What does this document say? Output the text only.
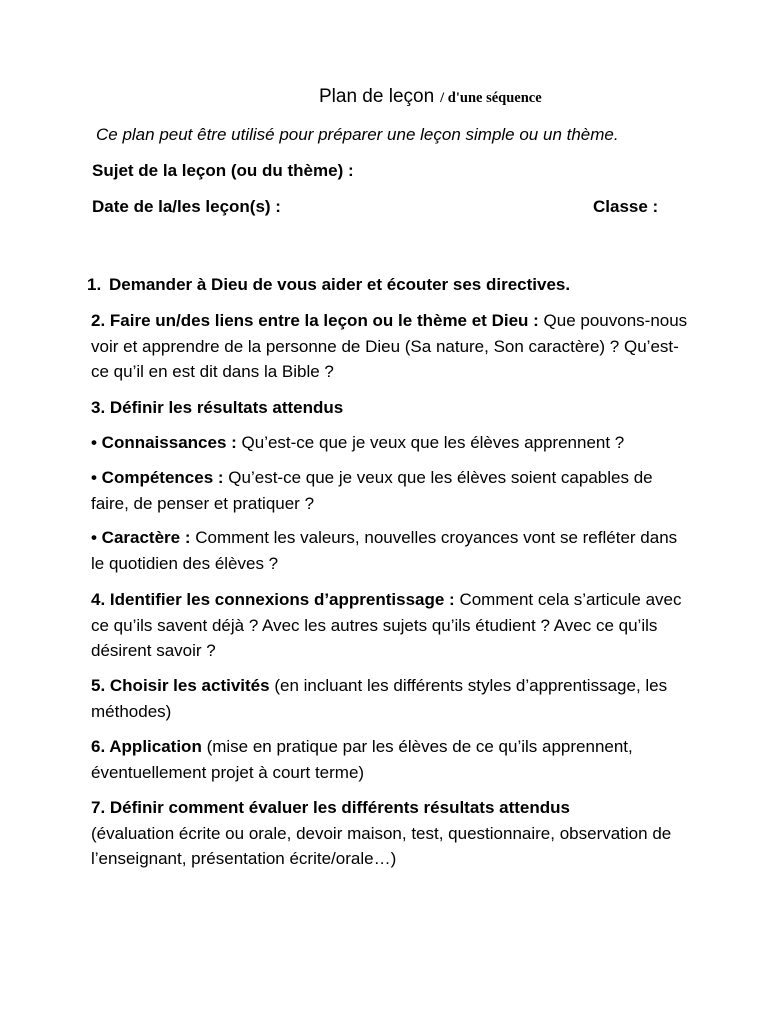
Plan de leçon / d'une séquence
Ce plan peut être utilisé pour préparer une leçon simple ou un thème.
Sujet de la leçon (ou du thème) :
Date de la/les leçon(s) :	Classe :
1. Demander à Dieu de vous aider et écouter ses directives.
2. Faire un/des liens entre la leçon ou le thème et Dieu : Que pouvons-nous voir et apprendre de la personne de Dieu (Sa nature, Son caractère) ? Qu’est-ce qu’il en est dit dans la Bible ?
3. Définir les résultats attendus
• Connaissances : Qu’est-ce que je veux que les élèves apprennent ?
• Compétences : Qu’est-ce que je veux que les élèves soient capables de faire, de penser et pratiquer ?
• Caractère : Comment les valeurs, nouvelles croyances vont se refléter dans le quotidien des élèves ?
4. Identifier les connexions d’apprentissage : Comment cela s’articule avec ce qu’ils savent déjà ? Avec les autres sujets qu’ils étudient ? Avec ce qu’ils désirent savoir ?
5. Choisir les activités (en incluant les différents styles d’apprentissage, les méthodes)
6. Application (mise en pratique par les élèves de ce qu’ils apprennent, éventuellement projet à court terme)
7. Définir comment évaluer les différents résultats attendus
(évaluation écrite ou orale, devoir maison, test, questionnaire, observation de l’enseignant, présentation écrite/orale…)
